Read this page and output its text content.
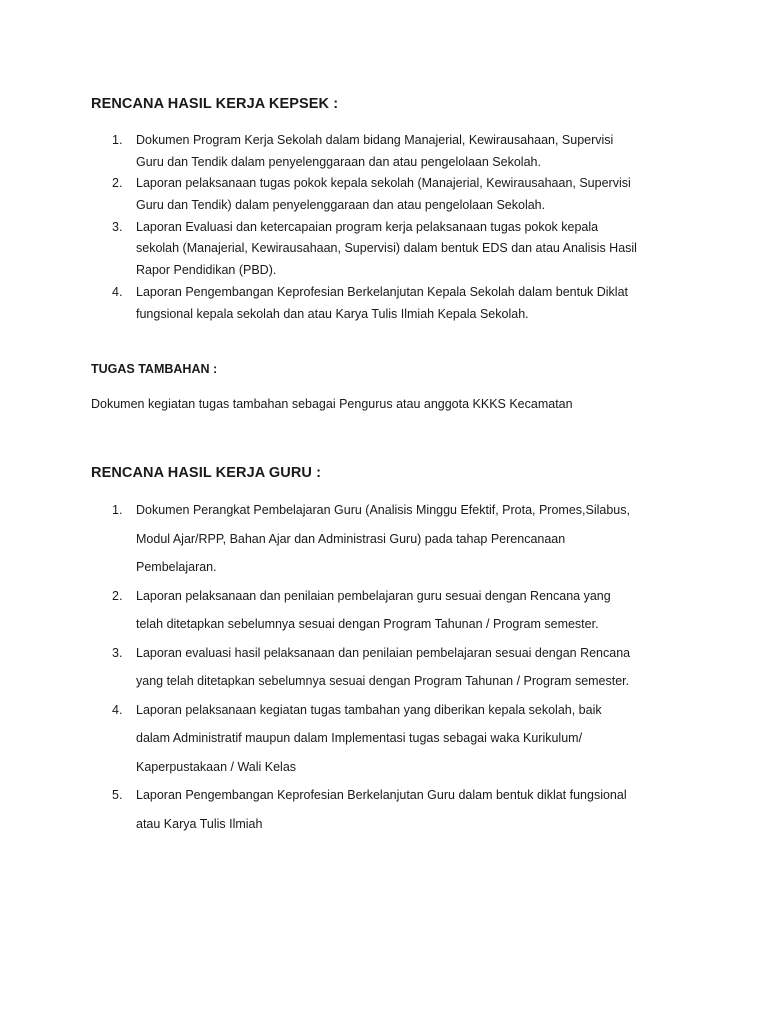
RENCANA HASIL KERJA KEPSEK :
1.	Dokumen Program Kerja Sekolah dalam bidang Manajerial, Kewirausahaan, Supervisi
Guru dan Tendik dalam penyelenggaraan dan atau pengelolaan Sekolah.
2.	Laporan pelaksanaan tugas pokok kepala sekolah (Manajerial, Kewirausahaan, Supervisi
Guru dan Tendik) dalam penyelenggaraan dan atau pengelolaan Sekolah.
3.	Laporan Evaluasi dan ketercapaian program kerja pelaksanaan tugas pokok kepala
sekolah (Manajerial, Kewirausahaan, Supervisi) dalam bentuk EDS dan atau Analisis Hasil
Rapor Pendidikan (PBD).
4.	Laporan Pengembangan Keprofesian Berkelanjutan Kepala Sekolah dalam bentuk Diklat
fungsional kepala sekolah dan atau Karya Tulis Ilmiah Kepala Sekolah.
TUGAS TAMBAHAN :
Dokumen kegiatan tugas tambahan sebagai Pengurus atau anggota KKKS Kecamatan
RENCANA HASIL KERJA GURU :
1.	Dokumen Perangkat Pembelajaran Guru (Analisis Minggu Efektif, Prota, Promes,Silabus,
Modul Ajar/RPP, Bahan Ajar dan Administrasi Guru) pada tahap Perencanaan
Pembelajaran.
2.	Laporan pelaksanaan dan penilaian pembelajaran guru sesuai dengan Rencana yang
telah ditetapkan sebelumnya sesuai dengan Program Tahunan / Program semester.
3.	Laporan evaluasi hasil pelaksanaan dan penilaian pembelajaran sesuai dengan Rencana
yang telah ditetapkan sebelumnya sesuai dengan Program Tahunan / Program semester.
4.	Laporan pelaksanaan kegiatan tugas tambahan yang diberikan kepala sekolah, baik
dalam Administratif maupun dalam Implementasi tugas sebagai waka Kurikulum/
Kaperpustakaan / Wali Kelas
5.	Laporan Pengembangan Keprofesian Berkelanjutan Guru dalam bentuk diklat fungsional
atau Karya Tulis Ilmiah
